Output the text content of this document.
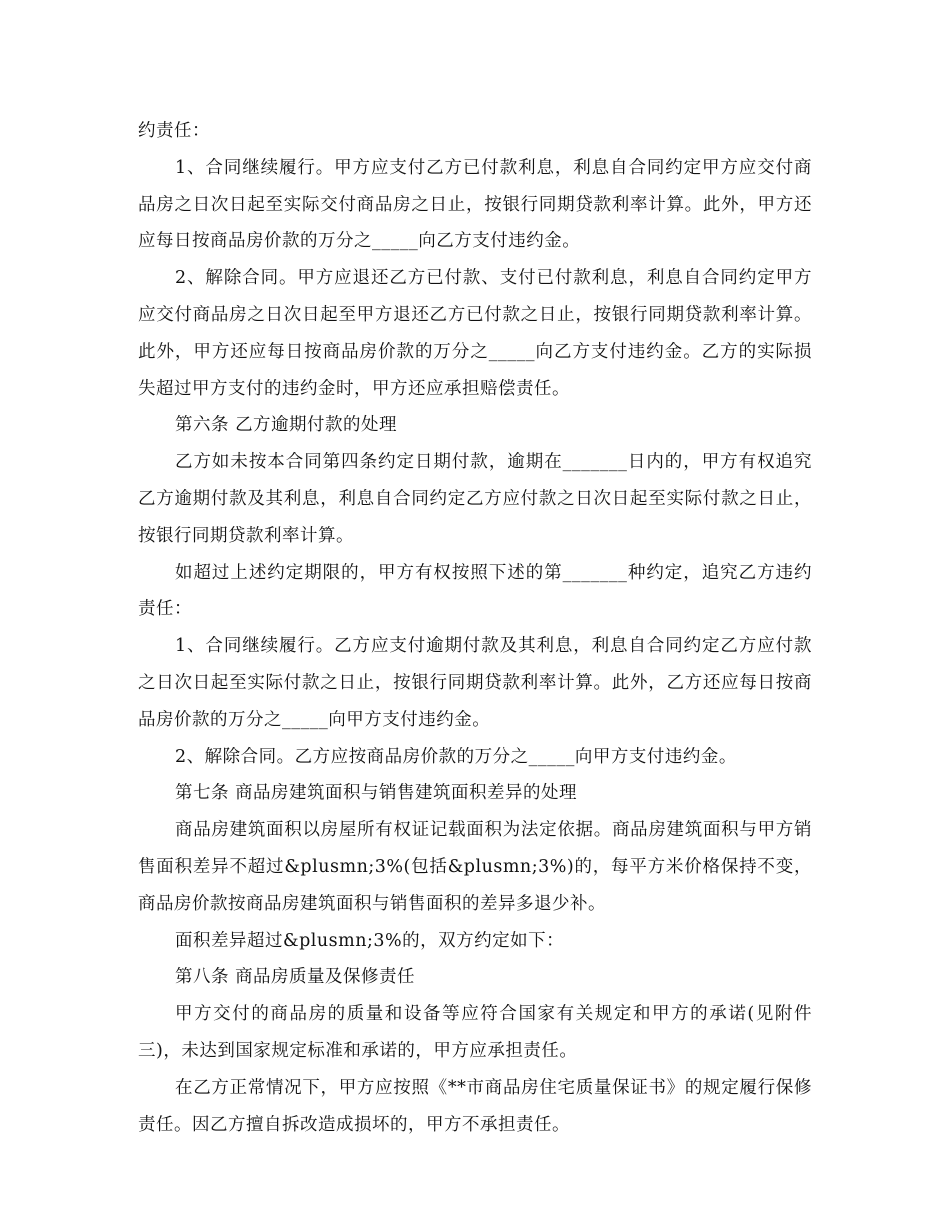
约责任：

1、合同继续履行。甲方应支付乙方已付款利息，利息自合同约定甲方应交付商品房之日次日起至实际交付商品房之日止，按银行同期贷款利率计算。此外，甲方还应每日按商品房价款的万分之_____向乙方支付违约金。

2、解除合同。甲方应退还乙方已付款、支付已付款利息，利息自合同约定甲方应交付商品房之日次日起至甲方退还乙方已付款之日止，按银行同期贷款利率计算。此外，甲方还应每日按商品房价款的万分之_____向乙方支付违约金。乙方的实际损失超过甲方支付的违约金时，甲方还应承担赔偿责任。

第六条 乙方逾期付款的处理

乙方如未按本合同第四条约定日期付款，逾期在_______日内的，甲方有权追究乙方逾期付款及其利息，利息自合同约定乙方应付款之日次日起至实际付款之日止，按银行同期贷款利率计算。

如超过上述约定期限的，甲方有权按照下述的第_______种约定，追究乙方违约责任：

1、合同继续履行。乙方应支付逾期付款及其利息，利息自合同约定乙方应付款之日次日起至实际付款之日止，按银行同期贷款利率计算。此外，乙方还应每日按商品房价款的万分之_____向甲方支付违约金。

2、解除合同。乙方应按商品房价款的万分之_____向甲方支付违约金。

第七条 商品房建筑面积与销售建筑面积差异的处理

商品房建筑面积以房屋所有权证记载面积为法定依据。商品房建筑面积与甲方销售面积差异不超过&plusmn;3%(包括&plusmn;3%)的，每平方米价格保持不变，商品房价款按商品房建筑面积与销售面积的差异多退少补。

面积差异超过&plusmn;3%的，双方约定如下：

第八条 商品房质量及保修责任

甲方交付的商品房的质量和设备等应符合国家有关规定和甲方的承诺(见附件三)，未达到国家规定标准和承诺的，甲方应承担责任。

在乙方正常情况下，甲方应按照《**市商品房住宅质量保证书》的规定履行保修责任。因乙方擅自拆改造成损坏的，甲方不承担责任。
